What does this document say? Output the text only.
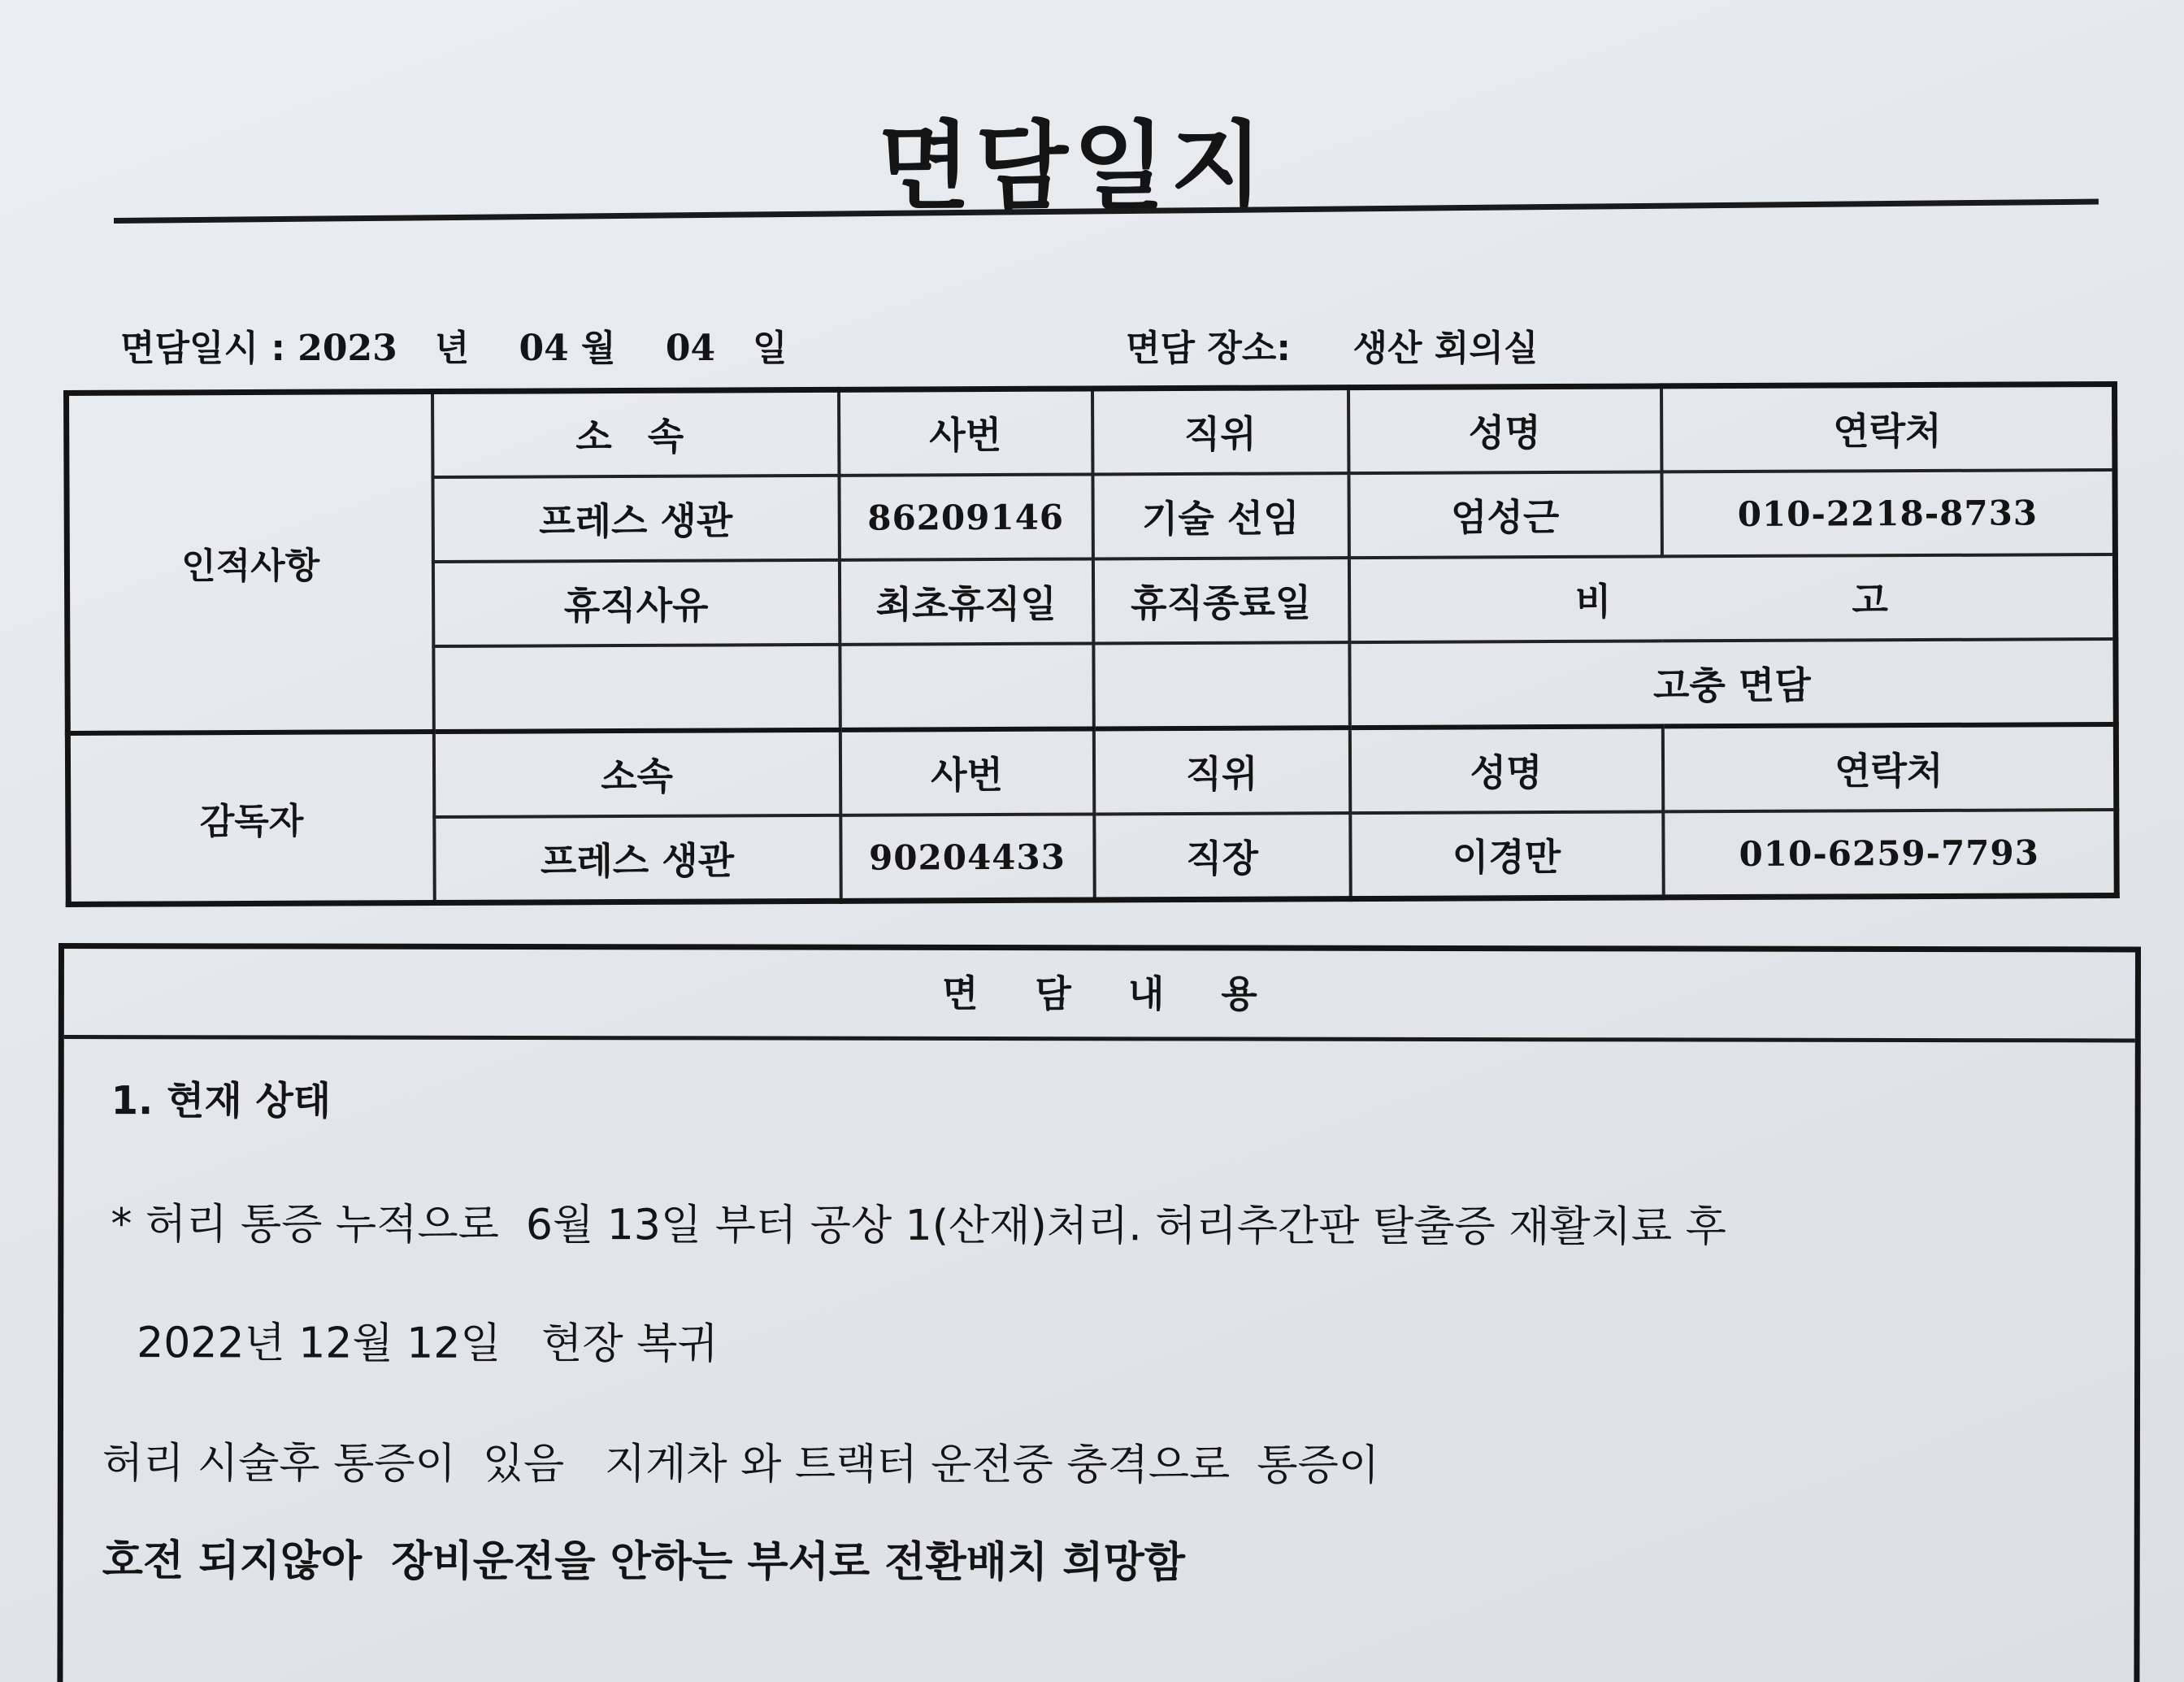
면담일지
면담일시 : 2023 년 04 월 04 일	면담 장소: 생산 회의실
인적사항	소 속	사번	직위	성명	연락처
	프레스 생관	86209146	기술 선임	엄성근	010-2218-8733
	휴직사유	최초휴직일	휴직종료일	비 고	
				고충 면담	
감독자	소속	사번	직위	성명	연락처
	프레스 생관	90204433	직장	이경만	010-6259-7793
면담내용
1. 현재 상태
* 허리 통증 누적으로  6월 13일 부터 공상 1(산재)처리. 허리추간판 탈출증 재활치료 후
2022년 12월 12일   현장 복귀
허리 시술후 통증이  있음   지게차 와 트랙터 운전중 충격으로  통증이
호전 되지않아  장비운전을 안하는 부서로 전환배치 희망함
